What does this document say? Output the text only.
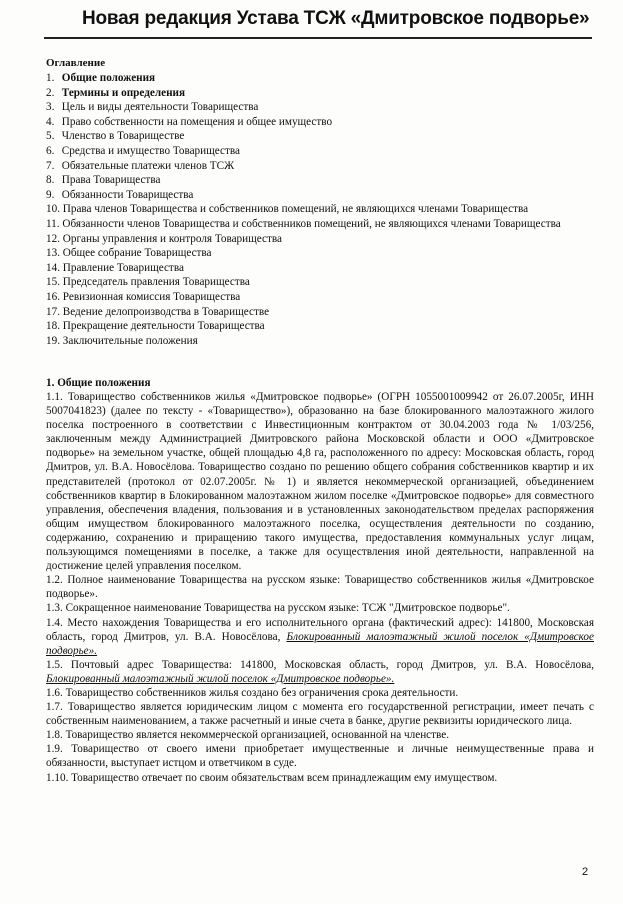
Новая редакция Устава ТСЖ «Дмитровское подворье»
Оглавление
1. Общие положения
2. Термины и определения
3. Цель и виды деятельности Товарищества
4. Право собственности на помещения и общее имущество
5. Членство в Товариществе
6. Средства и имущество Товарищества
7. Обязательные платежи членов ТСЖ
8. Права Товарищества
9. Обязанности Товарищества
10. Права членов Товарищества и собственников помещений, не являющихся членами Товарищества
11. Обязанности членов Товарищества и собственников помещений, не являющихся членами Товарищества
12. Органы управления и контроля Товарищества
13. Общее собрание Товарищества
14. Правление Товарищества
15. Председатель правления Товарищества
16. Ревизионная комиссия Товарищества
17. Ведение делопроизводства в Товариществе
18. Прекращение деятельности Товарищества
19. Заключительные положения
1. Общие положения

1.1. Товарищество собственников жилья «Дмитровское подворье» (ОГРН 1055001009942 от 26.07.2005г, ИНН 5007041823) (далее по тексту - «Товарищество»), образованно на базе блокированного малоэтажного жилого поселка построенного в соответствии с Инвестиционным контрактом от 30.04.2003 года № 1/03/256, заключенным между Администрацией Дмитровского района Московской области и ООО «Дмитровское подворье» на земельном участке, общей площадью 4,8 га, расположенного по адресу: Московская область, город Дмитров, ул. В.А. Новосёлова. Товарищество создано по решению общего собрания собственников квартир и их представителей (протокол от 02.07.2005г. № 1) и является некоммерческой организацией, объединением собственников квартир в Блокированном малоэтажном жилом поселке «Дмитровское подворье» для совместного управления, обеспечения владения, пользования и в установленных законодательством пределах распоряжения общим имуществом блокированного малоэтажного поселка, осуществления деятельности по созданию, содержанию, сохранению и приращению такого имущества, предоставления коммунальных услуг лицам, пользующимся помещениями в поселке, а также для осуществления иной деятельности, направленной на достижение целей управления поселком.

1.2. Полное наименование Товарищества на русском языке: Товарищество собственников жилья «Дмитровское подворье».

1.3. Сокращенное наименование Товарищества на русском языке: ТСЖ "Дмитровское подворье".

1.4. Место нахождения Товарищества и его исполнительного органа (фактический адрес): 141800, Московская область, город Дмитров, ул. В.А. Новосёлова, Блокированный малоэтажный жилой поселок «Дмитровское подворье».

1.5. Почтовый адрес Товарищества: 141800, Московская область, город Дмитров, ул. В.А. Новосёлова, Блокированный малоэтажный жилой поселок «Дмитровское подворье».

1.6. Товарищество собственников жилья создано без ограничения срока деятельности.

1.7. Товарищество является юридическим лицом с момента его государственной регистрации, имеет печать с собственным наименованием, а также расчетный и иные счета в банке, другие реквизиты юридического лица.

1.8. Товарищество является некоммерческой организацией, основанной на членстве.

1.9. Товарищество от своего имени приобретает имущественные и личные неимущественные права и обязанности, выступает истцом и ответчиком в суде.

1.10. Товарищество отвечает по своим обязательствам всем принадлежащим ему имуществом.

2
